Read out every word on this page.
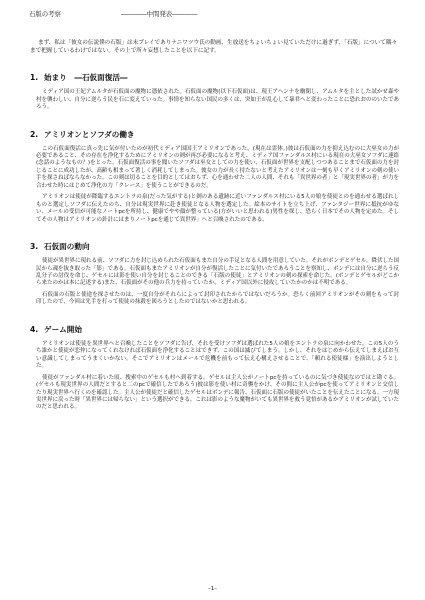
石版の考察	――――中間発表――――

まず、私は「彼女の伝説僕の石版」は未プレイでありナニワツウ氏の動画、生放送をちょいちょい見ていただけに過ぎず、「石版」について隅々まで把握しているわけではない。その上で所々妄想したことを以下に記す。

1. 始まり　―石仮面復活―

ミディア国の王妃アムルタが石仮面の魔物に憑依された。石仮面の魔物(以下石仮面)は、現王アヘンナを幽閉し、アムルタを主とした試かせ森や村を襲わしい、自分に逆らう民を石に変えていった。事情を知らない国民の多くは、突如王が乱心して暴君へと変わったことに恐れおののいたであろう。

2. アミリオンとソフダの働き

この石仮面復活に真っ先に気が付いたのが初代ミディア国国王アミリオンであった。(現在は霊体。)彼は石仮面の力を抑え込むのに大巫女の力が必要であること、その存在を浄化するためにアミリオンの剣が再び必要になると考え、ミディア国ファンダルス村にいる現在の大巫女ソフダに連絡(念話のようなもの？)をとった。石仮面復活の事を聞いたソフダは巫女としての力を使い、石仮面が世界を支配しつつあることまで石仮面の力を封じることに成功したが、高齢も相まって著しく消耗してしまった。彼女の力が長く持たないと考えたアミリオンは一刻も早くアミリオンの剣の使い手を探さねばならなかった。この剣は切ることを目的としてはおらず、心を通わせた二人の人間、それも「異世界の者」と「現実世界の者」が力を合わせた時にはじめて浄化の力「クレース」を使うことができるのだ。

アミリオンは使徒が降臨するエントラの泉(だった気がする)と剣のある遺跡に近いファンダルス村にいる5人の娘を使徒とのを通わせる選ばれしものと選定しソフダに伝えたのち、自分は現実世界に赴き使徒となる人物を選定した。絵本のサイトを立ち上げ、ファンタジー世界に抵抗がゆない、メールの受信が可能なノートpcを所持し、健康でやや顔が整っている(方がいいと思われる)男性を探し、恐らく日本でその人物を定めた。そしてその人物はアミリオンの針計にはまりノートpcを通じて異世界」へと召喚されたのである。

3. 石仮面の動向

使徒が異世界に現れる前、ソフダに力を封じ込められた石仮面もまた自分の手足となる人間を用意していた。それがボンデとゲセル。降伏した国民から魂を抜き取った「影」である。石仮面もまたアミリオンが自分が復活したことに気付いたであろうことを察知し、ボンデには自分に逆らう反乱分子の討伐を命じ、ゲセルには影を使い自分を封じることのできる「石版の使徒」とアミリオンの剣の探索を命じた。(ボンデとゲセルがどこから来たのかは本に記述する)また、石仮面がその他の兵力を持っていたか、ミディア国以外に侵攻していたかのかは不明である。

石仮面の石版と使途を探させたのは、一度自分がそれらによって封印されたからではないだろうか。恐らく前回アミリオンがその剣をもって封印したので、今回は先手を打って使徒の抹殺を図ろうとしたのではないかと思われる。

4. ゲーム開始

アミリオンは使徒を異世界へと召喚したことをソフダに告げ、それを受けソフダは選ばれた5人の娘をエントラの泉に向かわせた。この5人のうち誰かと使徒が恋仲になってくれなければ石仮面を浄化することはできず、この国は滅びてしまう。しかし、それをはじめから伝えてしまえばお互い意識してしまってうまくいかない。そこでアミリオンはメールで危機を前もって伝え心構えさせることで、「頼れる使徒様」を演出しようとした。

使徒がファンダル村に着いた頃、捜索中のゲセルも村へ到着する。ゲセルは主人公がノートpcを持っているのに気づき使徒なのではと勘ぐる。(ゲセルも現実世界の人間だとすると二のpcで確信したであろう)彼は影を使い村に奇襲をかけ、その間に主人公がpcを使ってアミリオンと交信したり現実世界へ行くのを確認した。主人公が使徒だと確信したゲセルはボンデに報告、石仮面に石版の使徒がいたことを伝えたことになる。一方現実世界に戻った時「異世界には帰らない」という選択ができる。これは影のような魔物がいても異世界を救う覚悟があるかアミリオンが試していたのだと思われる。

–1–
